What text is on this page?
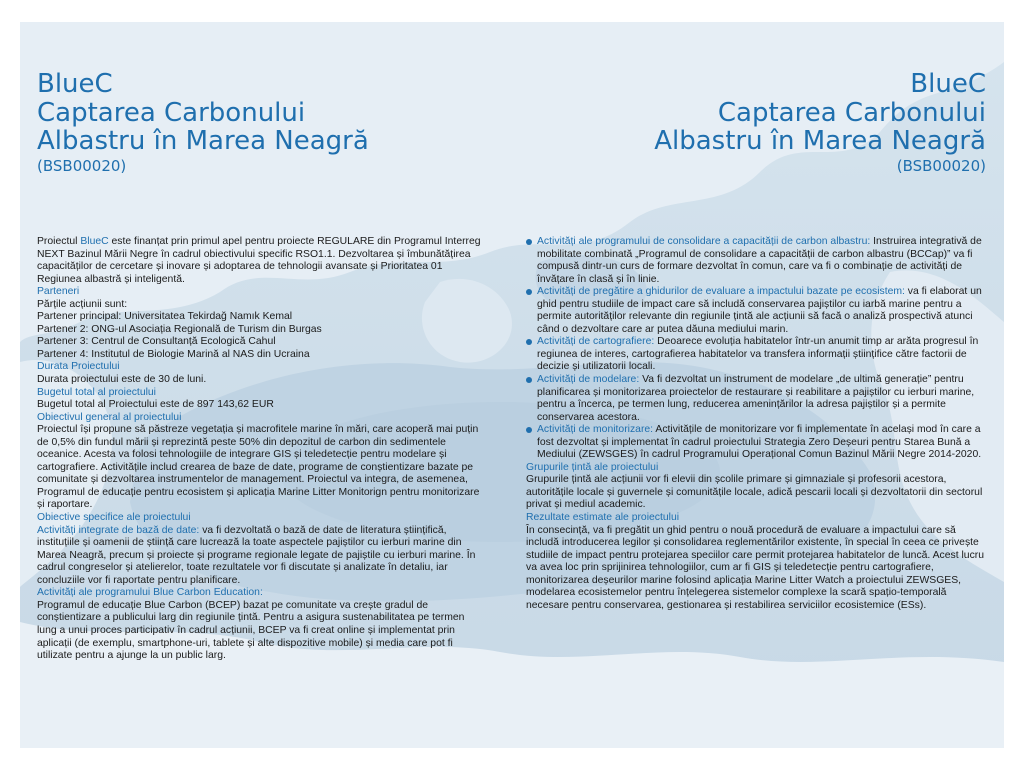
BlueC
Captarea Carbonului
Albastru în Marea Neagră
(BSB00020)
BlueC
Captarea Carbonului
Albastru în Marea Neagră
(BSB00020)

Proiectul BlueC este finanțat prin primul apel pentru proiecte REGULARE din Programul Interreg NEXT Bazinul Mării Negre în cadrul obiectivului specific RSO1.1. Dezvoltarea și îmbunătățirea capacităților de cercetare și inovare și adoptarea de tehnologii avansate și Prioritatea 01 Regiunea albastră și inteligentă.

Parteneri

Părțile acțiunii sunt:

Partener principal: Universitatea Tekirdağ Namık Kemal

Partener 2: ONG-ul Asociația Regională de Turism din Burgas

Partener 3: Centrul de Consultanță Ecologică Cahul

Partener 4: Institutul de Biologie Marină al NAS din Ucraina

Durata Proiectului

Durata proiectului este de 30 de luni.

Bugetul total al proiectului

Bugetul total al Proiectului este de 897 143,62 EUR

Obiectivul general al proiectului

Proiectul își propune să păstreze vegetația și macrofitele marine în mări, care acoperă mai puțin de 0,5% din fundul mării și reprezintă peste 50% din depozitul de carbon din sedimentele oceanice. Acesta va folosi tehnologiile de integrare GIS și teledetecție pentru modelare și cartografiere. Activitățile includ crearea de baze de date, programe de conștientizare bazate pe comunitate și dezvoltarea instrumentelor de management. Proiectul va integra, de asemenea, Programul de educație pentru ecosistem și aplicația Marine Litter Monitorign pentru monitorizare și raportare.

Obiective specifice ale proiectului

Activități integrate de bază de date: va fi dezvoltată o bază de date de literatura științifică, instituțiile și oamenii de știință care lucrează la toate aspectele pajiștilor cu ierburi marine din Marea Neagră, precum și proiecte și programe regionale legate de pajiștile cu ierburi marine. În cadrul congreselor și atelierelor, toate rezultatele vor fi discutate și analizate în detaliu, iar concluziile vor fi raportate pentru planificare.

Activități ale programului Blue Carbon Education:

Programul de educație Blue Carbon (BCEP) bazat pe comunitate va crește gradul de conștientizare a publicului larg din regiunile țintă. Pentru a asigura sustenabilitatea pe termen lung a unui proces participativ în cadrul acțiunii, BCEP va fi creat online și implementat prin aplicații (de exemplu, smartphone-uri, tablete și alte dispozitive mobile) și media care pot fi utilizate pentru a ajunge la un public larg.

Activități ale programului de consolidare a capacității de carbon albastru: Instruirea integrativă de mobilitate combinată „Programul de consolidare a capacității de carbon albastru (BCCap)” va fi compusă dintr-un curs de formare dezvoltat în comun, care va fi o combinație de activități de învățare în clasă și în linie.

Activități de pregătire a ghidurilor de evaluare a impactului bazate pe ecosistem: va fi elaborat un ghid pentru studiile de impact care să includă conservarea pajiștilor cu iarbă marine pentru a permite autorităților relevante din regiunile țintă ale acțiunii să facă o analiză prospectivă atunci când o dezvoltare care ar putea dăuna mediului marin.

Activități de cartografiere: Deoarece evoluția habitatelor într-un anumit timp ar arăta progresul în regiunea de interes, cartografierea habitatelor va transfera informații științifice către factorii de decizie și utilizatorii locali.

Activități de modelare: Va fi dezvoltat un instrument de modelare „de ultimă generație” pentru planificarea și monitorizarea proiectelor de restaurare și reabilitare a pajiștilor cu ierburi marine, pentru a încerca, pe termen lung, reducerea amenințărilor la adresa pajiștilor și a permite conservarea acestora.

Activități de monitorizare: Activitățile de monitorizare vor fi implementate în același mod în care a fost dezvoltat și implementat în cadrul proiectului Strategia Zero Deșeuri pentru Starea Bună a Mediului (ZEWSGES) în cadrul Programului Operațional Comun Bazinul Mării Negre 2014-2020.

Grupurile țintă ale proiectului

Grupurile țintă ale acțiunii vor fi elevii din școlile primare și gimnaziale și profesorii acestora, autoritățile locale și guvernele și comunitățile locale, adică pescarii locali și dezvoltatorii din sectorul privat și mediul academic.

Rezultate estimate ale proiectului

În consecință, va fi pregătit un ghid pentru o nouă procedură de evaluare a impactului care să includă introducerea legilor și consolidarea reglementărilor existente, în special în ceea ce privește studiile de impact pentru protejarea speciilor care permit protejarea habitatelor de luncă. Acest lucru va avea loc prin sprijinirea tehnologiilor, cum ar fi GIS și teledetecție pentru cartografiere, monitorizarea deșeurilor marine folosind aplicația Marine Litter Watch a proiectului ZEWSGES, modelarea ecosistemelor pentru înțelegerea sistemelor complexe la scară spațio-temporală necesare pentru conservarea, gestionarea și restabilirea serviciilor ecosistemice (ESs).
